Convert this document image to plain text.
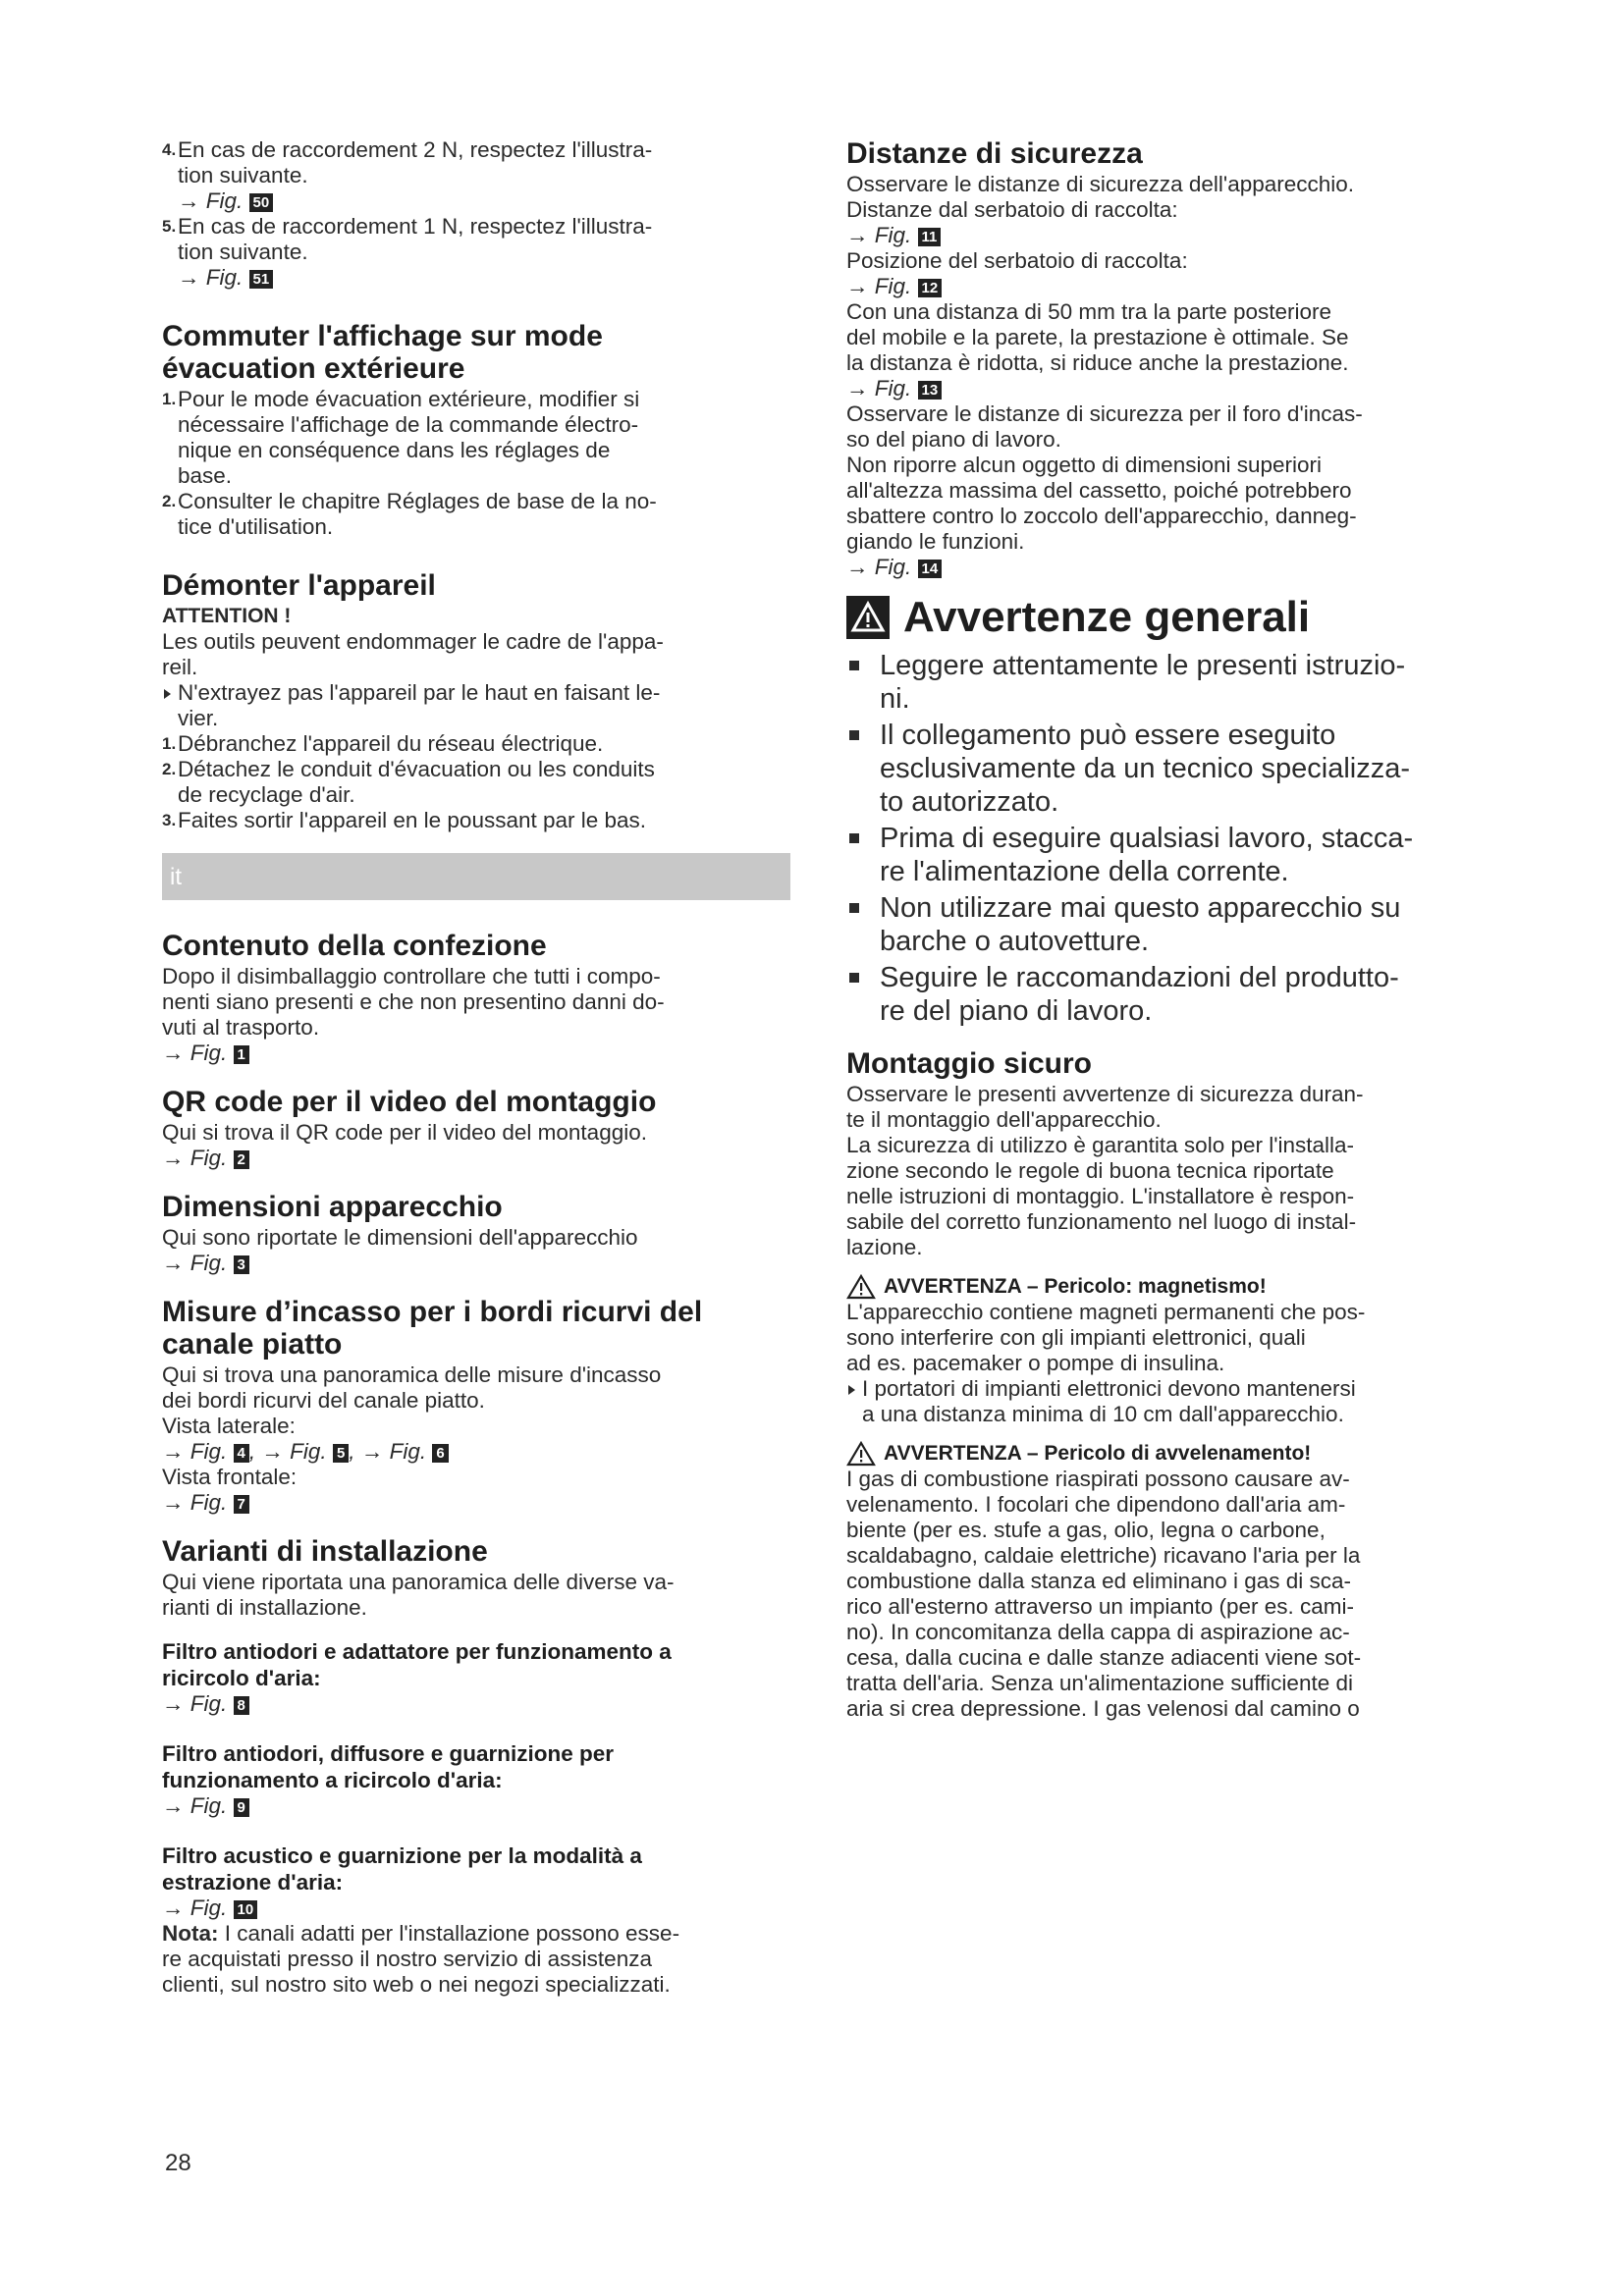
4. En cas de raccordement 2 N, respectez l'illustra-
tion suivante.
→ Fig. 50
5. En cas de raccordement 1 N, respectez l'illustra-
tion suivante.
→ Fig. 51
Commuter l'affichage sur mode
évacuation extérieure
1. Pour le mode évacuation extérieure, modifier si
nécessaire l'affichage de la commande électro-
nique en conséquence dans les réglages de
base.
2. Consulter le chapitre Réglages de base de la no-
tice d'utilisation.
Démonter l'appareil
ATTENTION !

Les outils peuvent endommager le cadre de l'appa-
reil.

N'extrayez pas l'appareil par le haut en faisant le-
vier.
1. Débranchez l'appareil du réseau électrique.
2. Détachez le conduit d'évacuation ou les conduits
de recyclage d'air.
3. Faites sortir l'appareil en le poussant par le bas.
it
Contenuto della confezione

Dopo il disimballaggio controllare che tutti i compo-
nenti siano presenti e che non presentino danni do-
vuti al trasporto.

→ Fig. 1
QR code per il video del montaggio

Qui si trova il QR code per il video del montaggio.

→ Fig. 2
Dimensioni apparecchio

Qui sono riportate le dimensioni dell'apparecchio

→ Fig. 3
Misure d’incasso per i bordi ricurvi del
canale piatto

Qui si trova una panoramica delle misure d'incasso
dei bordi ricurvi del canale piatto.

Vista laterale:

→ Fig. 4 , → Fig. 5 , → Fig. 6

Vista frontale:

→ Fig. 7
Varianti di installazione

Qui viene riportata una panoramica delle diverse va-
rianti di installazione.

Filtro antiodori e adattatore per funzionamento a
ricircolo d'aria:
→ Fig. 8
Filtro antiodori, diffusore e guarnizione per
funzionamento a ricircolo d'aria:
→ Fig. 9
Filtro acustico e guarnizione per la modalità a
estrazione d'aria:
→ Fig. 10

Nota: I canali adatti per l'installazione possono esse-
re acquistati presso il nostro servizio di assistenza
clienti, sul nostro sito web o nei negozi specializzati.

Distanze di sicurezza

Osservare le distanze di sicurezza dell'apparecchio.

Distanze dal serbatoio di raccolta:

→ Fig. 11

Posizione del serbatoio di raccolta:

→ Fig. 12

Con una distanza di 50 mm tra la parte posteriore
del mobile e la parete, la prestazione è ottimale. Se
la distanza è ridotta, si riduce anche la prestazione.

→ Fig. 13

Osservare le distanze di sicurezza per il foro d'incas-
so del piano di lavoro.

Non riporre alcun oggetto di dimensioni superiori
all'altezza massima del cassetto, poiché potrebbero
sbattere contro lo zoccolo dell'apparecchio, danneg-
giando le funzioni.

→ Fig. 14
Avvertenze generali
Leggere attentamente le presenti istruzio-
ni.
Il collegamento può essere eseguito
esclusivamente da un tecnico specializza-
to autorizzato.
Prima di eseguire qualsiasi lavoro, stacca-
re l'alimentazione della corrente.
Non utilizzare mai questo apparecchio su
barche o autovetture.
Seguire le raccomandazioni del produtto-
re del piano di lavoro.
Montaggio sicuro

Osservare le presenti avvertenze di sicurezza duran-
te il montaggio dell'apparecchio.

La sicurezza di utilizzo è garantita solo per l'installa-
zione secondo le regole di buona tecnica riportate
nelle istruzioni di montaggio. L'installatore è respon-
sabile del corretto funzionamento nel luogo di instal-
lazione.

AVVERTENZA – Pericolo: magnetismo!

L'apparecchio contiene magneti permanenti che pos-
sono interferire con gli impianti elettronici, quali
ad es. pacemaker o pompe di insulina.

I portatori di impianti elettronici devono mantenersi
a una distanza minima di 10 cm dall'apparecchio.
AVVERTENZA – Pericolo di avvelenamento!

I gas di combustione riaspirati possono causare av-
velenamento. I focolari che dipendono dall'aria am-
biente (per es. stufe a gas, olio, legna o carbone,
scaldabagno, caldaie elettriche) ricavano l'aria per la
combustione dalla stanza ed eliminano i gas di sca-
rico all'esterno attraverso un impianto (per es. cami-
no). In concomitanza della cappa di aspirazione ac-
cesa, dalla cucina e dalle stanze adiacenti viene sot-
tratta dell'aria. Senza un'alimentazione sufficiente di
aria si crea depressione. I gas velenosi dal camino o

28
